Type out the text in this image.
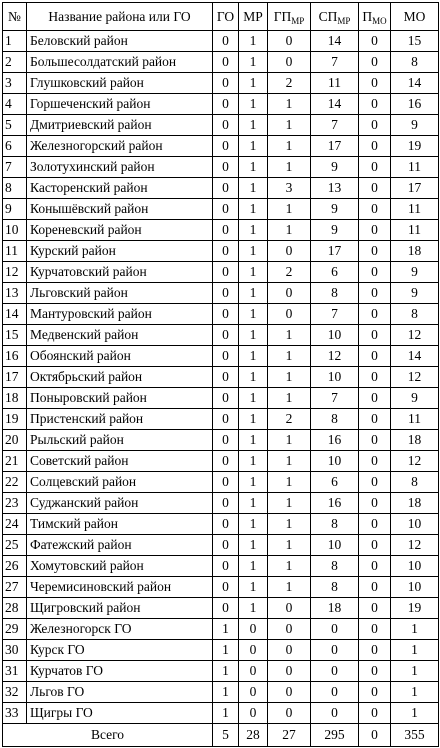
№	Название района или ГО	ГО	МР	$ГП_{МР}$	$СП_{МР}$	$П_{МО}$	МО
1	Беловский район	0	1	0	14	0	15
2	Большесолдатский район	0	1	0	7	0	8
3	Глушковский район	0	1	2	11	0	14
4	Горшеченский район	0	1	1	14	0	16
5	Дмитриевский район	0	1	1	7	0	9
6	Железногорский район	0	1	1	17	0	19
7	Золотухинский район	0	1	1	9	0	11
8	Касторенский район	0	1	3	13	0	17
9	Конышёвский район	0	1	1	9	0	11
10	Кореневский район	0	1	1	9	0	11
11	Курский район	0	1	0	17	0	18
12	Курчатовский район	0	1	2	6	0	9
13	Льговский район	0	1	0	8	0	9
14	Мантуровский район	0	1	0	7	0	8
15	Медвенский район	0	1	1	10	0	12
16	Обоянский район	0	1	1	12	0	14
17	Октябрьский район	0	1	1	10	0	12
18	Поныровский район	0	1	1	7	0	9
19	Пристенский район	0	1	2	8	0	11
20	Рыльский район	0	1	1	16	0	18
21	Советский район	0	1	1	10	0	12
22	Солцевский район	0	1	1	6	0	8
23	Суджанский район	0	1	1	16	0	18
24	Тимский район	0	1	1	8	0	10
25	Фатежский район	0	1	1	10	0	12
26	Хомутовский район	0	1	1	8	0	10
27	Черемисиновский район	0	1	1	8	0	10
28	Щигровский район	0	1	0	18	0	19
29	Железногорск ГО	1	0	0	0	0	1
30	Курск ГО	1	0	0	0	0	1
31	Курчатов ГО	1	0	0	0	0	1
32	Льгов ГО	1	0	0	0	0	1
33	Щигры ГО	1	0	0	0	0	1
Всего		5	28	27	295	0	355
